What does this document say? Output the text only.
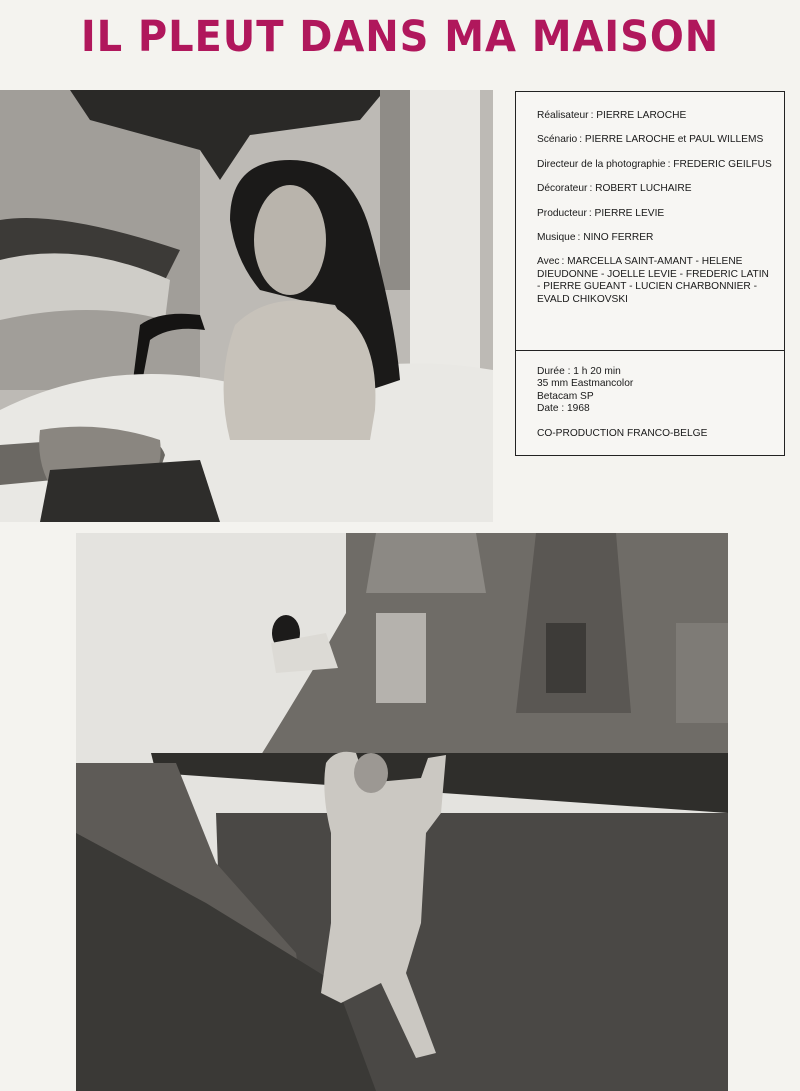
IL PLEUT DANS MA MAISON
Réalisateur : PIERRE LAROCHE
Scénario : PIERRE LAROCHE et PAUL WILLEMS
Directeur de la photographie : FREDERIC GEILFUS
Décorateur : ROBERT LUCHAIRE
Producteur : PIERRE LEVIE
Musique : NINO FERRER
Avec : MARCELLA SAINT-AMANT - HELENE DIEUDONNE - JOELLE LEVIE - FREDERIC LATIN - PIERRE GUEANT - LUCIEN CHARBONNIER - EVALD CHIKOVSKI
Durée : 1 h 20 min
35 mm Eastmancolor
Betacam SP
Date : 1968
CO-PRODUCTION FRANCO-BELGE
